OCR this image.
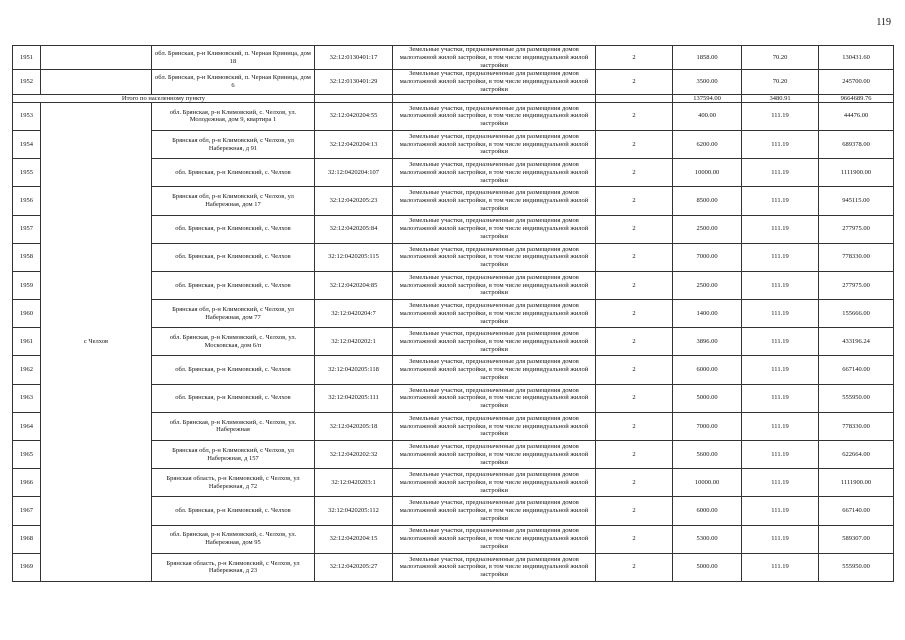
119
1951		обл. Брянская, р-н Климовский, п. Черная Криница, дом 18	32:12:0130401:17	Земельные участки, предназначенные для размещения домов малоэтажной жилой застройки, в том числе индивидуальной жилой застройки	2	1858.00	70.20	130431.60
1952		обл. Брянская, р-н Климовский, п. Черная Криница, дом 6	32:12:0130401:29	Земельные участки, предназначенные для размещения домов малоэтажной жилой застройки, в том числе индивидуальной жилой застройки	2	3500.00	70.20	245700.00
Итого по населенному пункту						137594.00	3480.91	9664689.76
1953	с Челхов	обл. Брянская, р-н Климовский, с. Челхов, ул. Молодежная, дом 9, квартира 1	32:12:0420204:55	Земельные участки, предназначенные для размещения домов малоэтажной жилой застройки, в том числе индивидуальной жилой застройки	2	400.00	111.19	44476.00
1954		Брянская обл, р-н Климовский, с Челхов, ул Набережная, д 91	32:12:0420204:13	Земельные участки, предназначенные для размещения домов малоэтажной жилой застройки, в том числе индивидуальной жилой застройки	2	6200.00	111.19	689378.00
1955		обл. Брянская, р-н Климовский, с. Челхов	32:12:0420204:107	Земельные участки, предназначенные для размещения домов малоэтажной жилой застройки, в том числе индивидуальной жилой застройки	2	10000.00	111.19	1111900.00
1956		Брянская обл, р-н Климовский, с Челхов, ул Набережная, дом 17	32:12:0420205:23	Земельные участки, предназначенные для размещения домов малоэтажной жилой застройки, в том числе индивидуальной жилой застройки	2	8500.00	111.19	945115.00
1957		обл. Брянская, р-н Климовский, с. Челхов	32:12:0420205:84	Земельные участки, предназначенные для размещения домов малоэтажной жилой застройки, в том числе индивидуальной жилой застройки	2	2500.00	111.19	277975.00
1958		обл. Брянская, р-н Климовский, с. Челхов	32:12:0420205:115	Земельные участки, предназначенные для размещения домов малоэтажной жилой застройки, в том числе индивидуальной жилой застройки	2	7000.00	111.19	778330.00
1959		обл. Брянская, р-н Климовский, с. Челхов	32:12:0420204:85	Земельные участки, предназначенные для размещения домов малоэтажной жилой застройки, в том числе индивидуальной жилой застройки	2	2500.00	111.19	277975.00
1960		Брянская обл, р-н Климовский, с Челхов, ул Набережная, дом 77	32:12:0420204:7	Земельные участки, предназначенные для размещения домов малоэтажной жилой застройки, в том числе индивидуальной жилой застройки	2	1400.00	111.19	155666.00
1961		обл. Брянская, р-н Климовский, с. Челхов, ул. Московская, дом 6/п	32:12:0420202:1	Земельные участки, предназначенные для размещения домов малоэтажной жилой застройки, в том числе индивидуальной жилой застройки	2	3896.00	111.19	433196.24
1962		обл. Брянская, р-н Климовский, с. Челхов	32:12:0420205:118	Земельные участки, предназначенные для размещения домов малоэтажной жилой застройки, в том числе индивидуальной жилой застройки	2	6000.00	111.19	667140.00
1963		обл. Брянская, р-н Климовский, с. Челхов	32:12:0420205:111	Земельные участки, предназначенные для размещения домов малоэтажной жилой застройки, в том числе индивидуальной жилой застройки	2	5000.00	111.19	555950.00
1964		обл. Брянская, р-н Климовский, с. Челхов, ул. Набережная	32:12:0420205:18	Земельные участки, предназначенные для размещения домов малоэтажной жилой застройки, в том числе индивидуальной жилой застройки	2	7000.00	111.19	778330.00
1965		Брянская обл, р-н Климовский, с Челхов, ул Набережная, д 157	32:12:0420202:32	Земельные участки, предназначенные для размещения домов малоэтажной жилой застройки, в том числе индивидуальной жилой застройки	2	5600.00	111.19	622664.00
1966		Брянская область, р-н Климовский, с Челхов, ул Набережная, д 72	32:12:0420203:1	Земельные участки, предназначенные для размещения домов малоэтажной жилой застройки, в том числе индивидуальной жилой застройки	2	10000.00	111.19	1111900.00
1967		обл. Брянская, р-н Климовский, с. Челхов	32:12:0420205:112	Земельные участки, предназначенные для размещения домов малоэтажной жилой застройки, в том числе индивидуальной жилой застройки	2	6000.00	111.19	667140.00
1968		обл. Брянская, р-н Климовский, с. Челхов, ул. Набережная, дом 95	32:12:0420204:15	Земельные участки, предназначенные для размещения домов малоэтажной жилой застройки, в том числе индивидуальной жилой застройки	2	5300.00	111.19	589307.00
1969		Брянская область, р-н Климовский, с Челхов, ул Набережная, д 23	32:12:0420205:27	Земельные участки, предназначенные для размещения домов малоэтажной жилой застройки, в том числе индивидуальной жилой застройки	2	5000.00	111.19	555950.00
